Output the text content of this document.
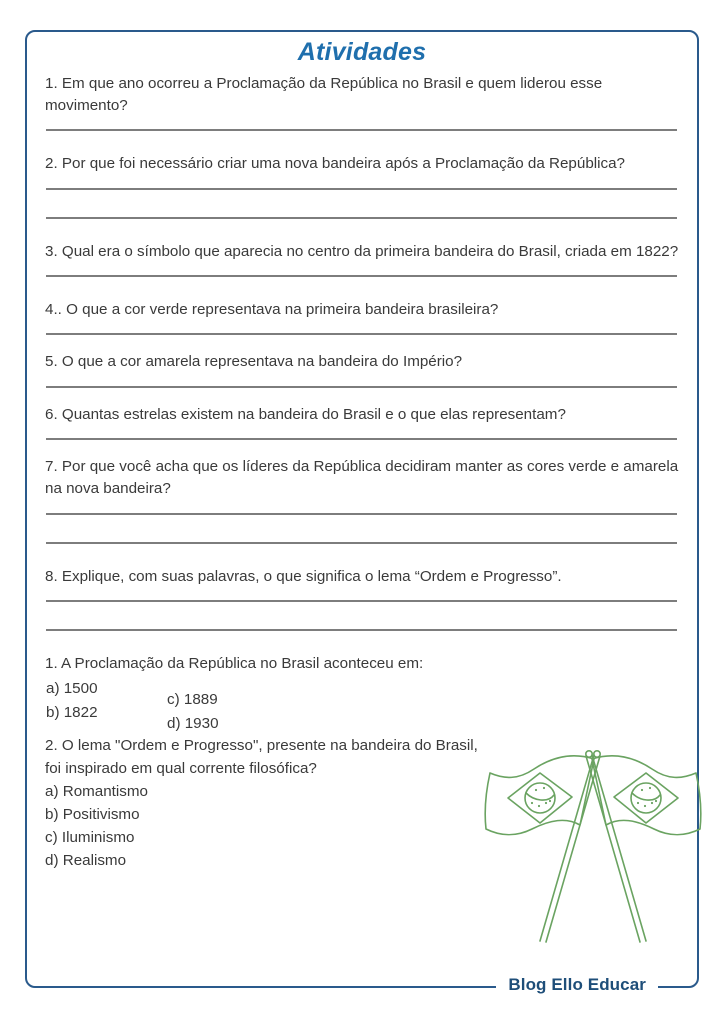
Atividades

1. Em que ano ocorreu a Proclamação da República no Brasil e quem liderou esse movimento?

2. Por que foi necessário criar uma nova bandeira após a Proclamação da República?

3. Qual era o símbolo que aparecia no centro da primeira bandeira do Brasil, criada em 1822?

4.. O que a cor verde representava na primeira bandeira brasileira?

5. O que a cor amarela representava na bandeira do Império?

6. Quantas estrelas existem na bandeira do Brasil e o que elas representam?

7. Por que você acha que os líderes da República decidiram manter as cores verde e amarela na nova bandeira?

8. Explique, com suas palavras, o que significa o lema “Ordem e Progresso”.

1. A Proclamação da República no Brasil aconteceu em:

a) 1500
b) 1822
c) 1889
d) 1930

2. O lema "Ordem e Progresso", presente na bandeira do Brasil, foi inspirado em qual corrente filosófica?

a) Romantismo
b) Positivismo
c) Iluminismo
d) Realismo
Blog Ello Educar
